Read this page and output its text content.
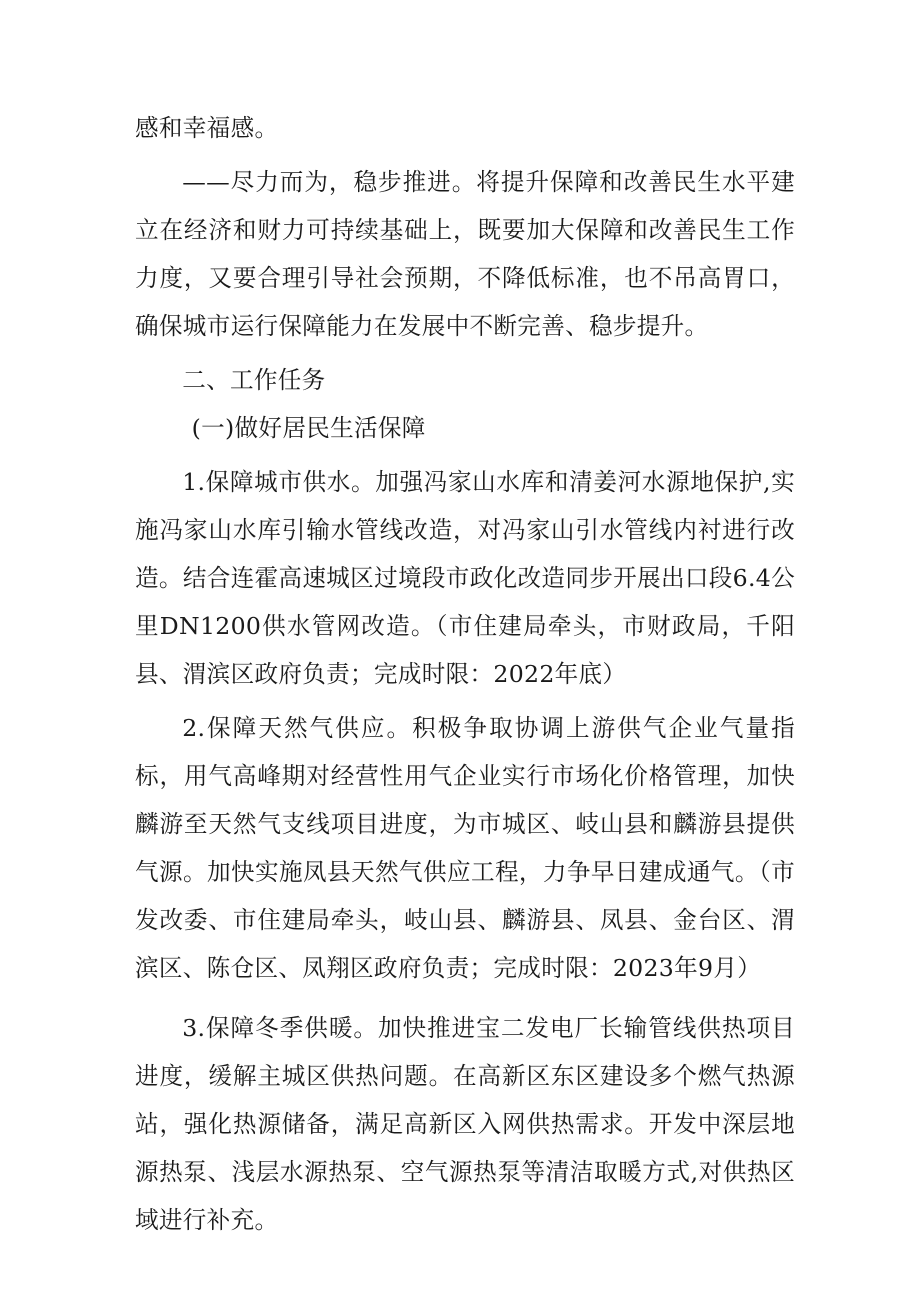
感和幸福感。

——尽力而为，稳步推进。将提升保障和改善民生水平建立在经济和财力可持续基础上，既要加大保障和改善民生工作力度，又要合理引导社会预期，不降低标准，也不吊高胃口，确保城市运行保障能力在发展中不断完善、稳步提升。

二、工作任务

(一)做好居民生活保障

1.保障城市供水。加强冯家山水库和清姜河水源地保护,实施冯家山水库引输水管线改造，对冯家山引水管线内衬进行改造。结合连霍高速城区过境段市政化改造同步开展出口段6.4公里DN1200供水管网改造。（市住建局牵头，市财政局，千阳县、渭滨区政府负责；完成时限：2022年底）

2.保障天然气供应。积极争取协调上游供气企业气量指标，用气高峰期对经营性用气企业实行市场化价格管理，加快麟游至天然气支线项目进度，为市城区、岐山县和麟游县提供气源。加快实施凤县天然气供应工程，力争早日建成通气。（市发改委、市住建局牵头，岐山县、麟游县、凤县、金台区、渭滨区、陈仓区、凤翔区政府负责；完成时限：2023年9月）

3.保障冬季供暖。加快推进宝二发电厂长输管线供热项目进度，缓解主城区供热问题。在高新区东区建设多个燃气热源站，强化热源储备，满足高新区入网供热需求。开发中深层地源热泵、浅层水源热泵、空气源热泵等清洁取暖方式,对供热区域进行补充。
